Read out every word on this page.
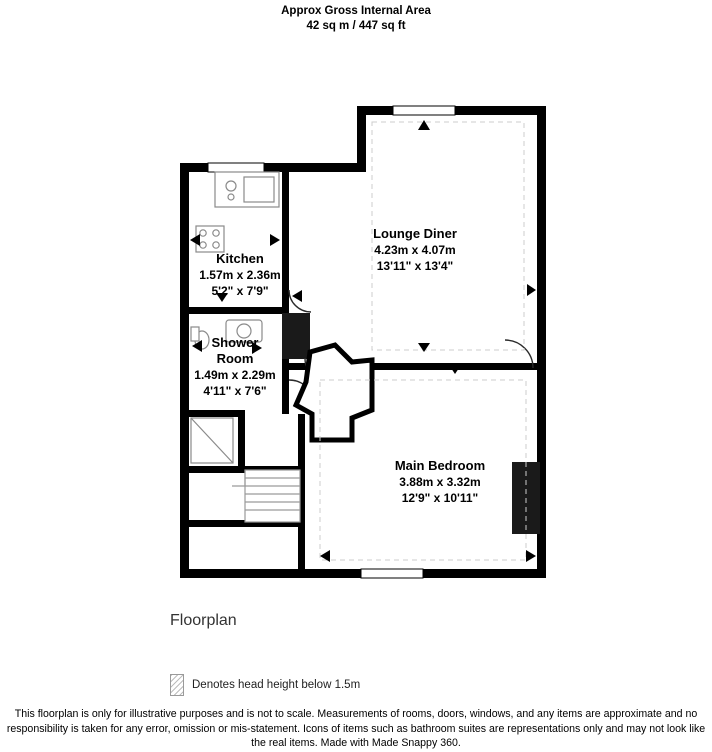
Approx Gross Internal Area
42 sq m / 447 sq ft
Lounge Diner
4.23m x 4.07m
13'11" x 13'4"
Kitchen
1.57m x 2.36m
5'2" x 7'9"
Shower
Room
1.49m x 2.29m
4'11" x 7'6"
Main Bedroom
3.88m x 3.32m
12'9" x 10'11"
Floorplan
Denotes head height below 1.5m
This floorplan is only for illustrative purposes and is not to scale. Measurements of rooms, doors, windows, and any items are approximate and no responsibility is taken for any error, omission or mis-statement. Icons of items such as bathroom suites are representations only and may not look like the real items. Made with Made Snappy 360.
